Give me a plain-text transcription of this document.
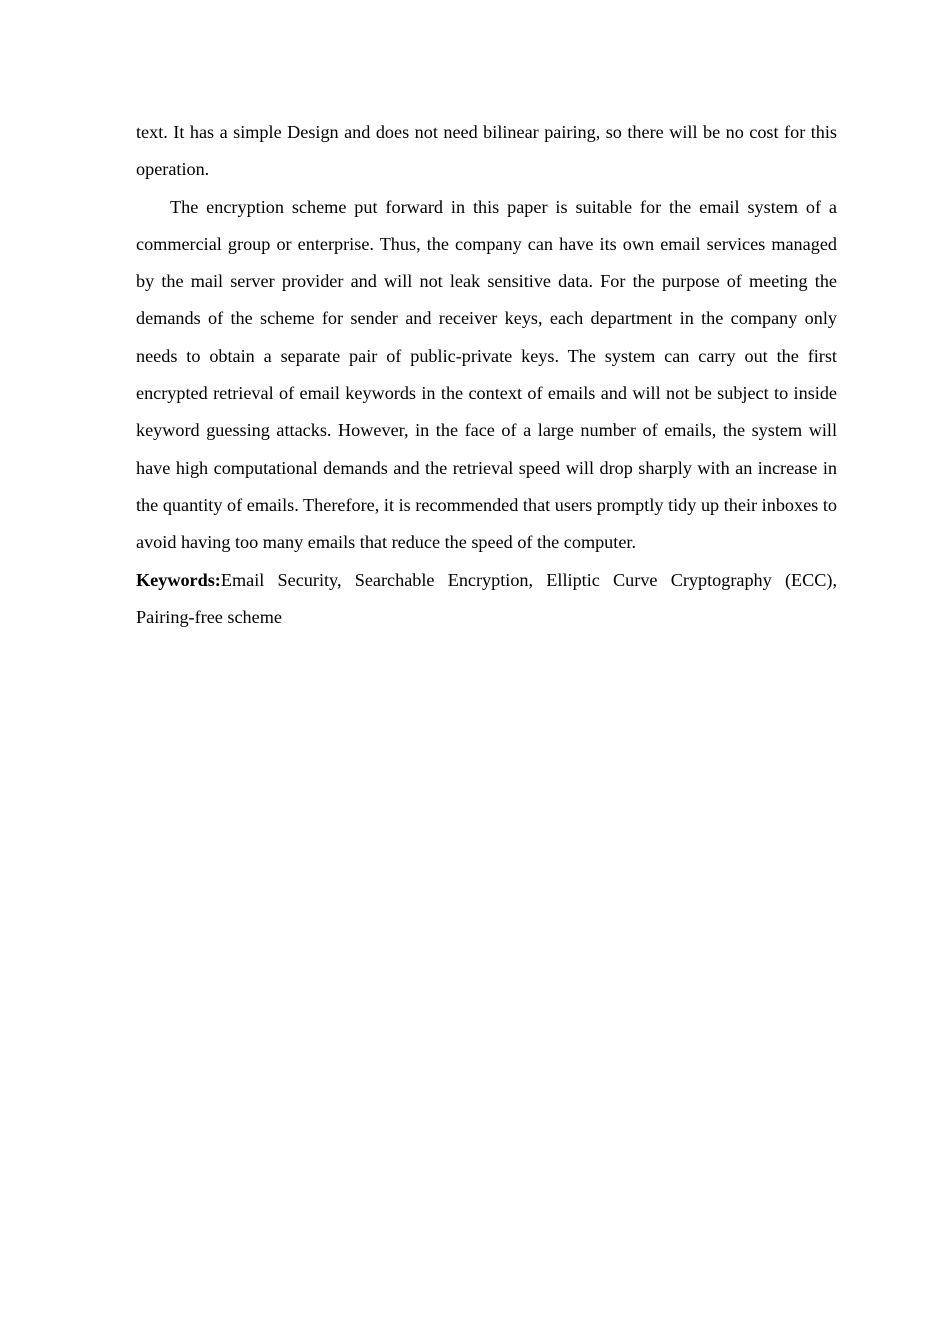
text. It has a simple Design and does not need bilinear pairing, so there will be no cost for this operation.

The encryption scheme put forward in this paper is suitable for the email system of a commercial group or enterprise. Thus, the company can have its own email services managed by the mail server provider and will not leak sensitive data. For the purpose of meeting the demands of the scheme for sender and receiver keys, each department in the company only needs to obtain a separate pair of public-private keys. The system can carry out the first encrypted retrieval of email keywords in the context of emails and will not be subject to inside keyword guessing attacks. However, in the face of a large number of emails, the system will have high computational demands and the retrieval speed will drop sharply with an increase in the quantity of emails. Therefore, it is recommended that users promptly tidy up their inboxes to avoid having too many emails that reduce the speed of the computer.

Keywords:Email Security, Searchable Encryption, Elliptic Curve Cryptography (ECC), Pairing-free scheme
